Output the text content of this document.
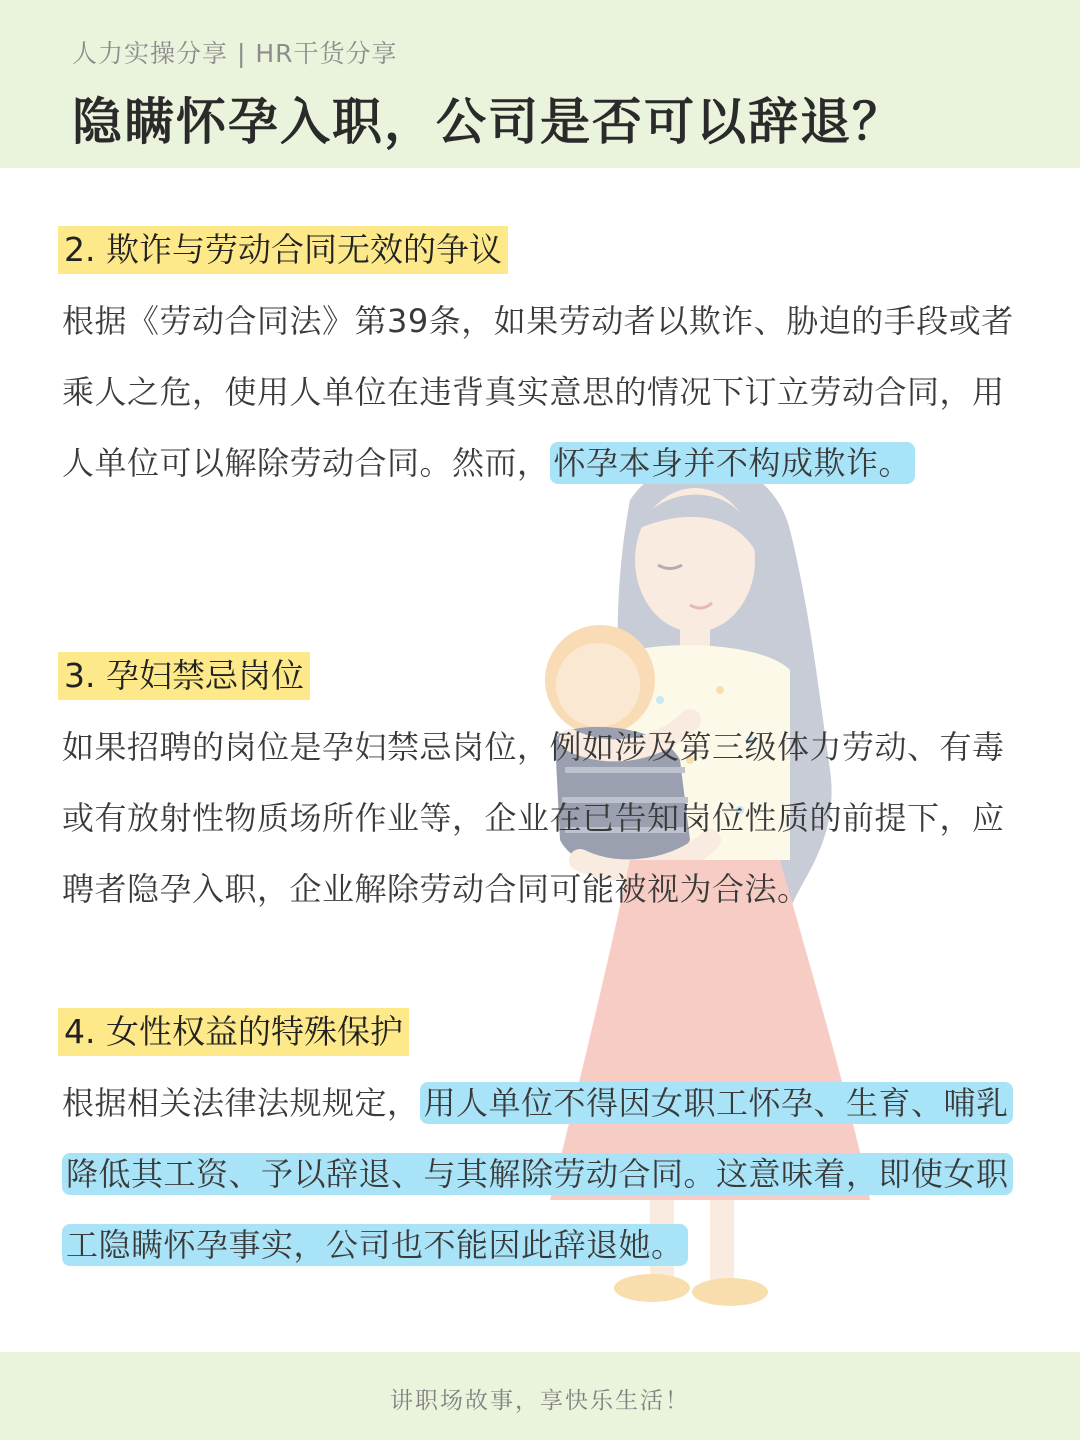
人力实操分享 | HR干货分享
隐瞒怀孕入职，公司是否可以辞退？
2. 欺诈与劳动合同无效的争议

根据《劳动合同法》第39条，如果劳动者以欺诈、胁迫的手段或者乘人之危，使用人单位在违背真实意思的情况下订立劳动合同，用人单位可以解除劳动合同。然而， 怀孕本身并不构成欺诈。

3. 孕妇禁忌岗位

如果招聘的岗位是孕妇禁忌岗位，例如涉及第三级体力劳动、有毒或有放射性物质场所作业等，企业在已告知岗位性质的前提下，应聘者隐孕入职，企业解除劳动合同可能被视为合法。

4. 女性权益的特殊保护

根据相关法律法规规定， 用人单位不得因女职工怀孕、生育、哺乳降低其工资、予以辞退、与其解除劳动合同。这意味着，即使女职工隐瞒怀孕事实，公司也不能因此辞退她。

讲职场故事，享快乐生活！
